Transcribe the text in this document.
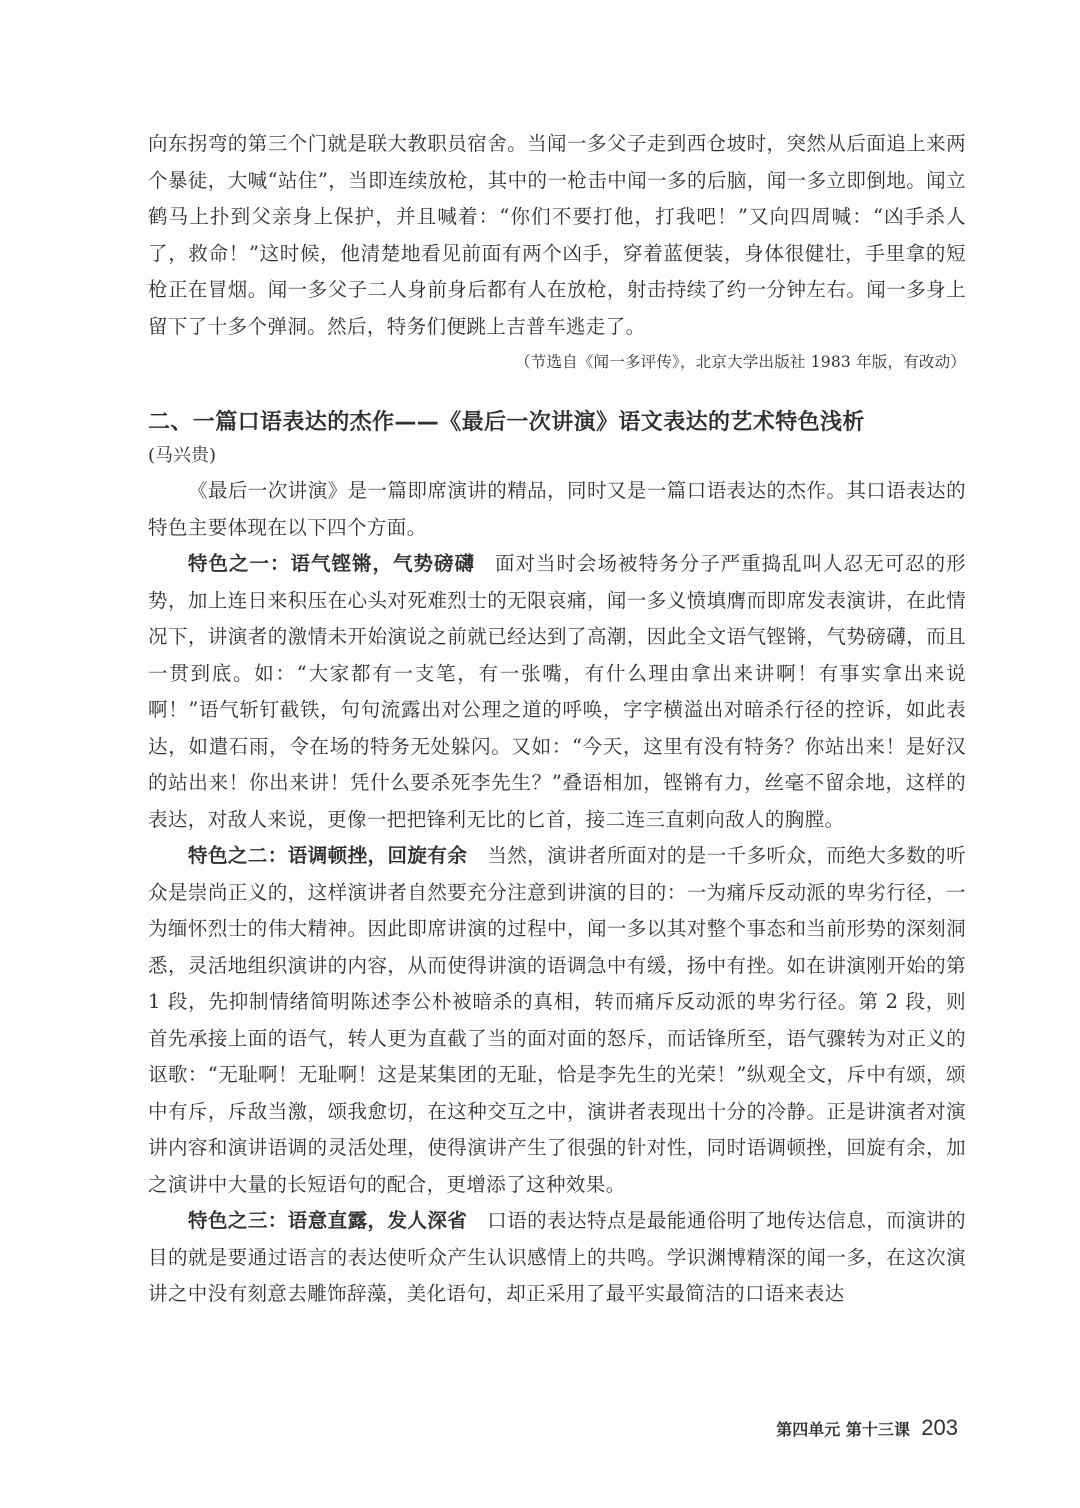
向东拐弯的第三个门就是联大教职员宿舍。当闻一多父子走到西仓坡时，突然从后面追上来两个暴徒，大喊“站住”，当即连续放枪，其中的一枪击中闻一多的后脑，闻一多立即倒地。闻立鹤马上扑到父亲身上保护，并且喊着：“你们不要打他，打我吧！”又向四周喊：“凶手杀人了，救命！”这时候，他清楚地看见前面有两个凶手，穿着蓝便装，身体很健壮，手里拿的短枪正在冒烟。闻一多父子二人身前身后都有人在放枪，射击持续了约一分钟左右。闻一多身上留下了十多个弹洞。然后，特务们便跳上吉普车逃走了。

（节选自《闻一多评传》，北京大学出版社 1983 年版，有改动）

二、一篇口语表达的杰作——《最后一次讲演》语文表达的艺术特色浅析
(马兴贵)

《最后一次讲演》是一篇即席演讲的精品，同时又是一篇口语表达的杰作。其口语表达的特色主要体现在以下四个方面。

特色之一：语气铿锵，气势磅礴 面对当时会场被特务分子严重捣乱叫人忍无可忍的形势，加上连日来积压在心头对死难烈士的无限哀痛，闻一多义愤填膺而即席发表演讲，在此情况下，讲演者的激情未开始演说之前就已经达到了高潮，因此全文语气铿锵，气势磅礴，而且一贯到底。如：“大家都有一支笔，有一张嘴，有什么理由拿出来讲啊！有事实拿出来说啊！”语气斩钉截铁，句句流露出对公理之道的呼唤，字字横溢出对暗杀行径的控诉，如此表达，如遣石雨，令在场的特务无处躲闪。又如：“今天，这里有没有特务？你站出来！是好汉的站出来！你出来讲！凭什么要杀死李先生？”叠语相加，铿锵有力，丝毫不留余地，这样的表达，对敌人来说，更像一把把锋利无比的匕首，接二连三直刺向敌人的胸膛。

特色之二：语调顿挫，回旋有余 当然，演讲者所面对的是一千多听众，而绝大多数的听众是崇尚正义的，这样演讲者自然要充分注意到讲演的目的：一为痛斥反动派的卑劣行径，一为缅怀烈士的伟大精神。因此即席讲演的过程中，闻一多以其对整个事态和当前形势的深刻洞悉，灵活地组织演讲的内容，从而使得讲演的语调急中有缓，扬中有挫。如在讲演刚开始的第 1 段，先抑制情绪简明陈述李公朴被暗杀的真相，转而痛斥反动派的卑劣行径。第 2 段，则首先承接上面的语气，转人更为直截了当的面对面的怒斥，而话锋所至，语气骤转为对正义的讴歌：“无耻啊！无耻啊！这是某集团的无耻，恰是李先生的光荣！”纵观全文，斥中有颂，颂中有斥，斥敌当激，颂我愈切，在这种交互之中，演讲者表现出十分的冷静。正是讲演者对演讲内容和演讲语调的灵活处理，使得演讲产生了很强的针对性，同时语调顿挫，回旋有余，加之演讲中大量的长短语句的配合，更增添了这种效果。

特色之三：语意直露，发人深省 口语的表达特点是最能通俗明了地传达信息，而演讲的目的就是要通过语言的表达使听众产生认识感情上的共鸣。学识渊博精深的闻一多，在这次演讲之中没有刻意去雕饰辞藻，美化语句，却正采用了最平实最简洁的口语来表达

第四单元 第十三课 203
